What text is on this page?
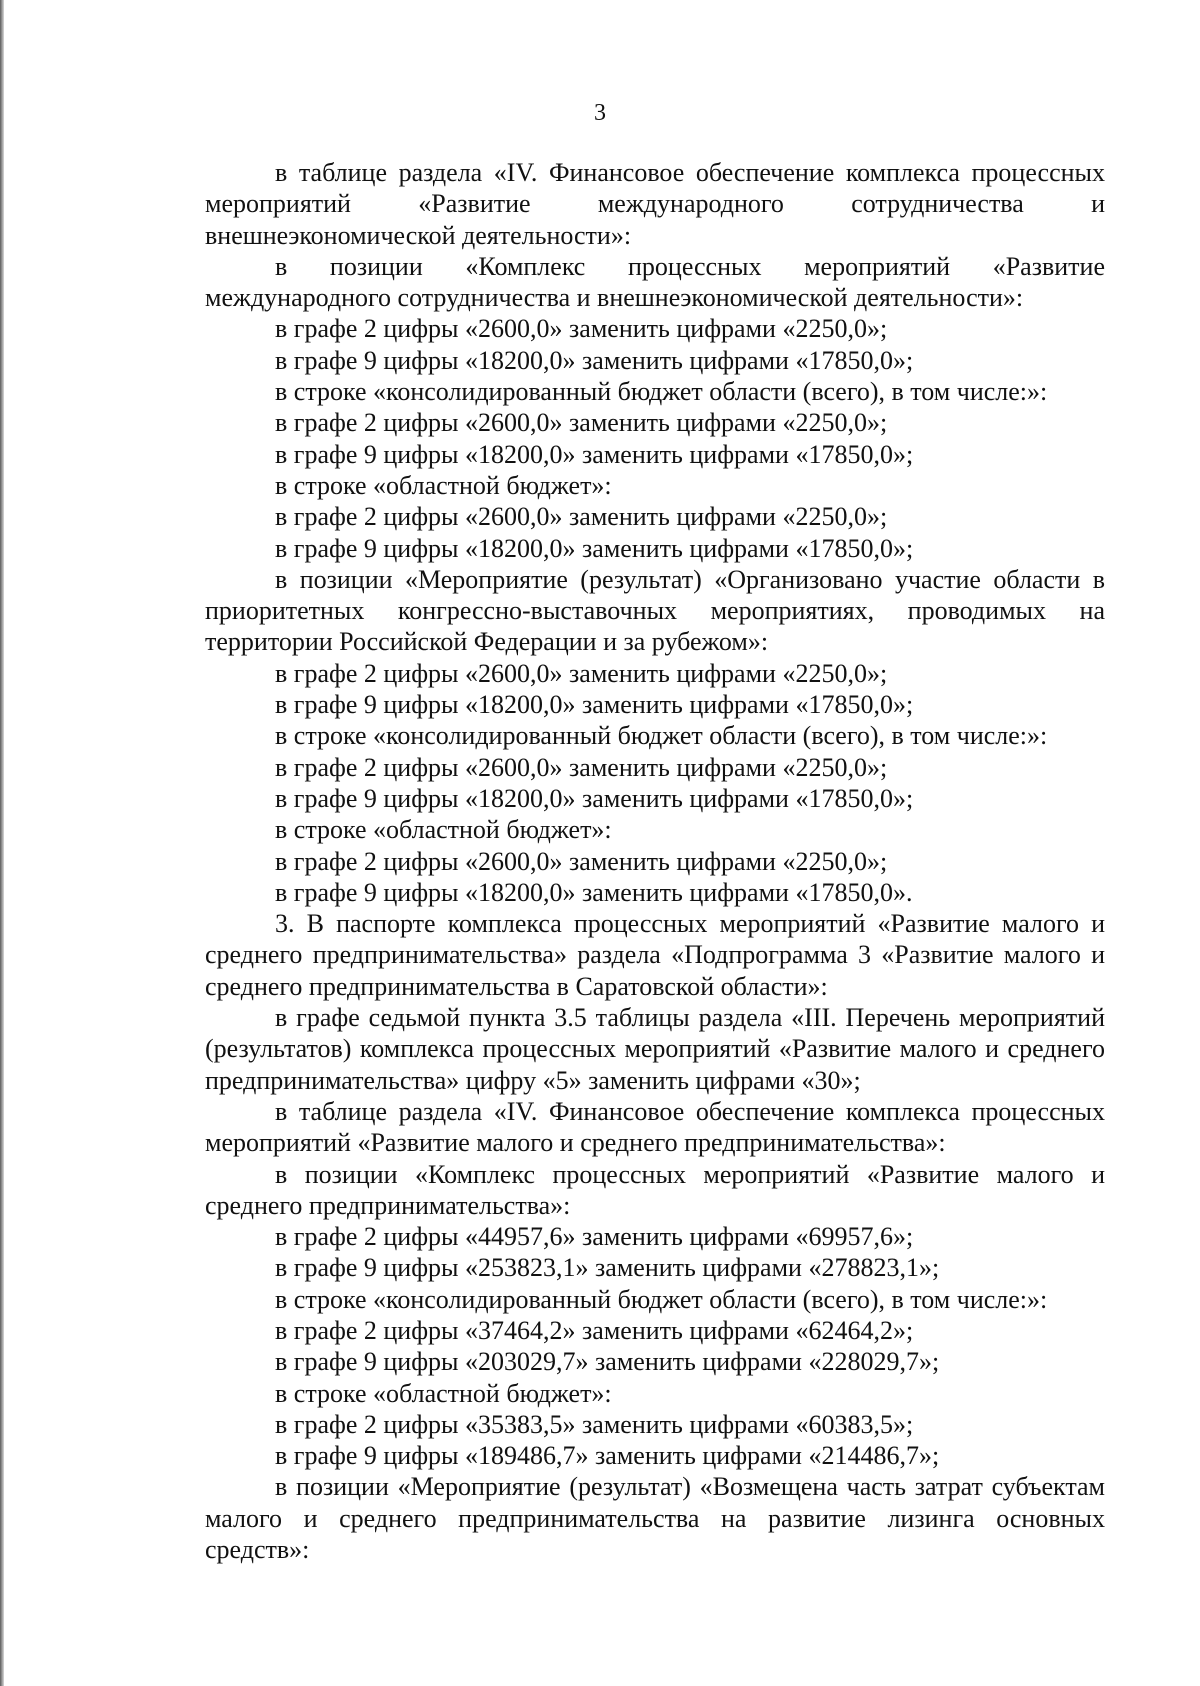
3

в таблице раздела «IV. Финансовое обеспечение комплекса процессных мероприятий «Развитие международного сотрудничества и внешнеэкономической деятельности»:

в позиции «Комплекс процессных мероприятий «Развитие международного сотрудничества и внешнеэкономической деятельности»:

в графе 2 цифры «2600,0» заменить цифрами «2250,0»;

в графе 9 цифры «18200,0» заменить цифрами «17850,0»;

в строке «консолидированный бюджет области (всего), в том числе:»:

в графе 2 цифры «2600,0» заменить цифрами «2250,0»;

в графе 9 цифры «18200,0» заменить цифрами «17850,0»;

в строке «областной бюджет»:

в графе 2 цифры «2600,0» заменить цифрами «2250,0»;

в графе 9 цифры «18200,0» заменить цифрами «17850,0»;

в позиции «Мероприятие (результат) «Организовано участие области в приоритетных конгрессно-выставочных мероприятиях, проводимых на территории Российской Федерации и за рубежом»:

в графе 2 цифры «2600,0» заменить цифрами «2250,0»;

в графе 9 цифры «18200,0» заменить цифрами «17850,0»;

в строке «консолидированный бюджет области (всего), в том числе:»:

в графе 2 цифры «2600,0» заменить цифрами «2250,0»;

в графе 9 цифры «18200,0» заменить цифрами «17850,0»;

в строке «областной бюджет»:

в графе 2 цифры «2600,0» заменить цифрами «2250,0»;

в графе 9 цифры «18200,0» заменить цифрами «17850,0».

3. В паспорте комплекса процессных мероприятий «Развитие малого и среднего предпринимательства» раздела «Подпрограмма 3 «Развитие малого и среднего предпринимательства в Саратовской области»:

в графе седьмой пункта 3.5 таблицы раздела «III. Перечень мероприятий (результатов) комплекса процессных мероприятий «Развитие малого и среднего предпринимательства» цифру «5» заменить цифрами «30»;

в таблице раздела «IV. Финансовое обеспечение комплекса процессных мероприятий «Развитие малого и среднего предпринимательства»:

в позиции «Комплекс процессных мероприятий «Развитие малого и среднего предпринимательства»:

в графе 2 цифры «44957,6» заменить цифрами «69957,6»;

в графе 9 цифры «253823,1» заменить цифрами «278823,1»;

в строке «консолидированный бюджет области (всего), в том числе:»:

в графе 2 цифры «37464,2» заменить цифрами «62464,2»;

в графе 9 цифры «203029,7» заменить цифрами «228029,7»;

в строке «областной бюджет»:

в графе 2 цифры «35383,5» заменить цифрами «60383,5»;

в графе 9 цифры «189486,7» заменить цифрами «214486,7»;

в позиции «Мероприятие (результат) «Возмещена часть затрат субъектам малого и среднего предпринимательства на развитие лизинга основных средств»:
